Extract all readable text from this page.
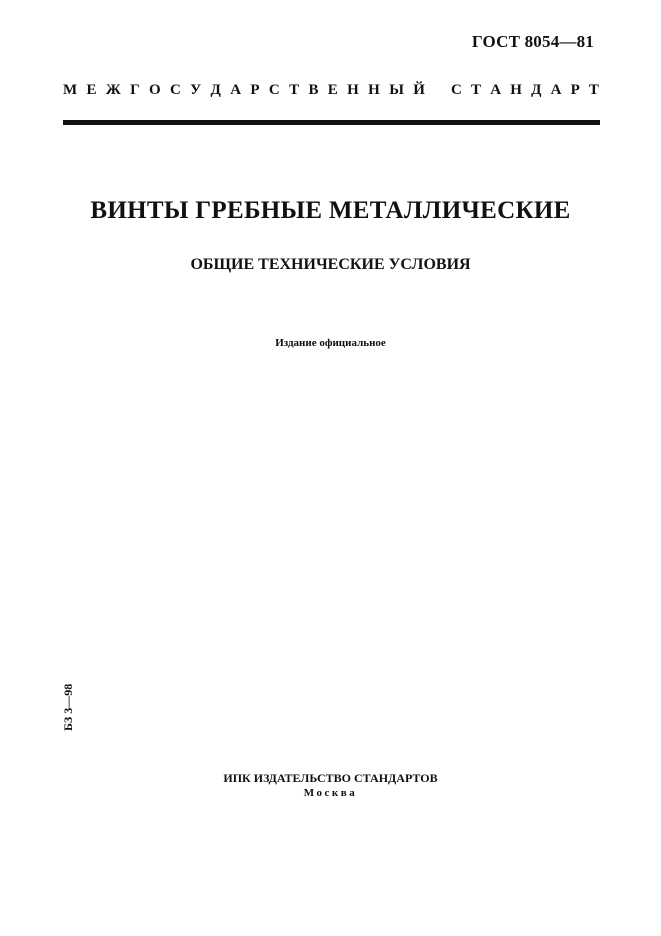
ГОСТ 8054—81
М Е Ж Г О С У Д А Р С Т В Е Н Н Ы Й С Т А Н Д А Р Т
ВИНТЫ ГРЕБНЫЕ МЕТАЛЛИЧЕСКИЕ
ОБЩИЕ ТЕХНИЧЕСКИЕ УСЛОВИЯ
Издание официальное
БЗ 3—98
ИПК ИЗДАТЕЛЬСТВО СТАНДАРТОВ
Москва
